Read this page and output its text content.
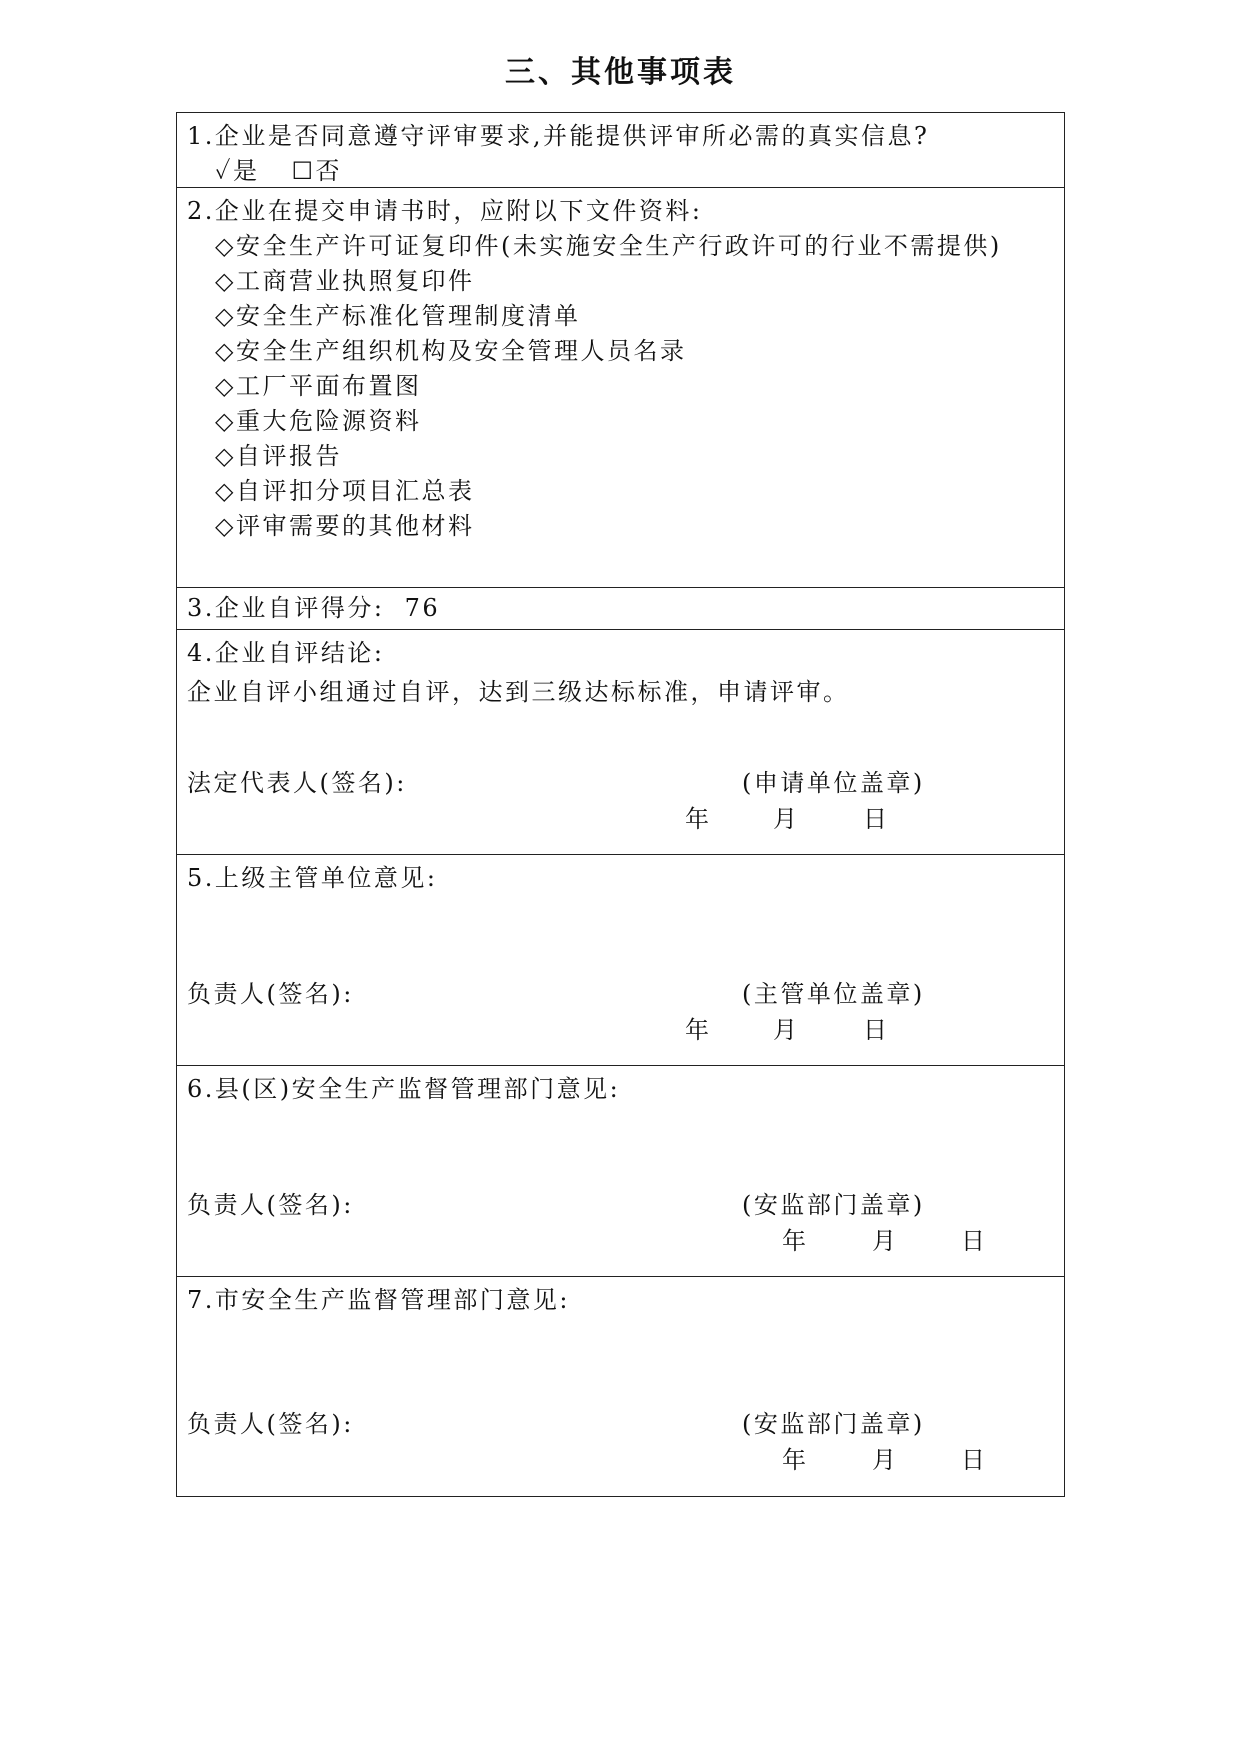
三、其他事项表
1.企业是否同意遵守评审要求,并能提供评审所必需的真实信息?
✓是 ☐否
2.企业在提交申请书时，应附以下文件资料:
◇安全生产许可证复印件(未实施安全生产行政许可的行业不需提供)
◇工商营业执照复印件
◇安全生产标准化管理制度清单
◇安全生产组织机构及安全管理人员名录
◇工厂平面布置图
◇重大危险源资料
◇自评报告
◇自评扣分项目汇总表
◇评审需要的其他材料
3.企业自评得分: 76
4.企业自评结论:
企业自评小组通过自评，达到三级达标标准，申请评审。
法定代表人(签名):	(申请单位盖章)
年	月	日
5.上级主管单位意见:
负责人(签名):	(主管单位盖章)
年	月	日
6.县(区)安全生产监督管理部门意见:
负责人(签名):	(安监部门盖章)
年	月	日
7.市安全生产监督管理部门意见:
负责人(签名):	(安监部门盖章)
年	月	日
